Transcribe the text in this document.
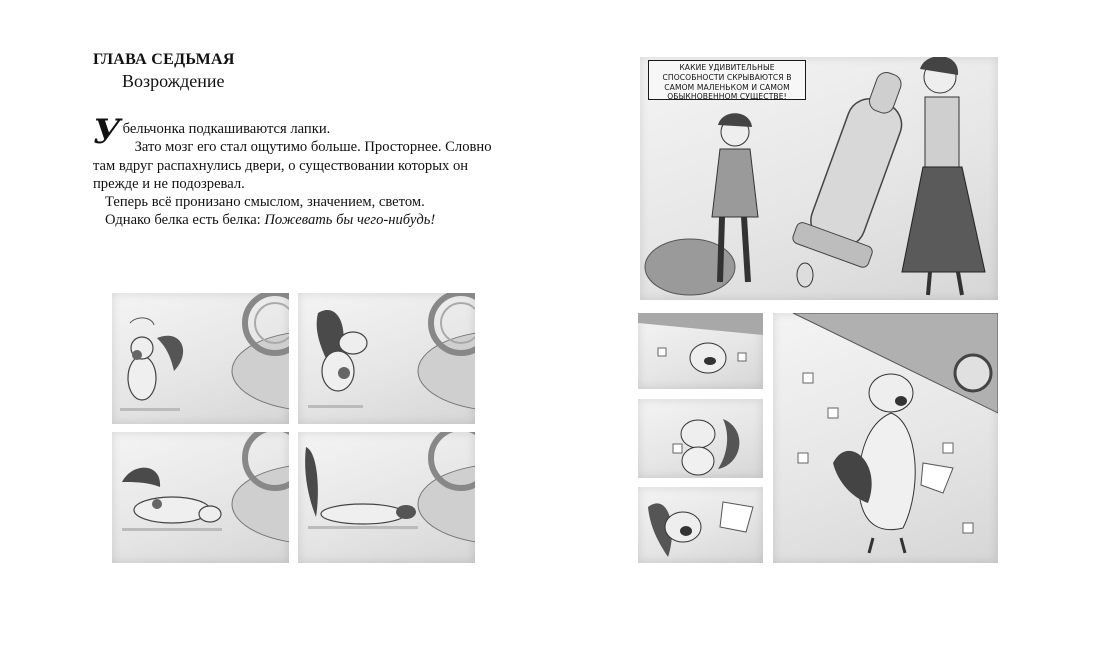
ГЛАВА СЕДЬМАЯ
Возрождение

Убельчонка подкашиваются лапки.

Зато мозг его стал ощутимо больше. Просторнее. Словно там вдруг распахнулись двери, о существовании которых он прежде и не подозревал.

Теперь всё пронизано смыслом, значением, светом.

Однако белка есть белка: Пожевать бы чего-нибудь!

КАКИЕ УДИВИТЕЛЬНЫЕ СПОСОБНОСТИ СКРЫВАЮТСЯ В САМОМ МАЛЕНЬКОМ И САМОМ ОБЫКНОВЕННОМ СУЩЕСТВЕ!
